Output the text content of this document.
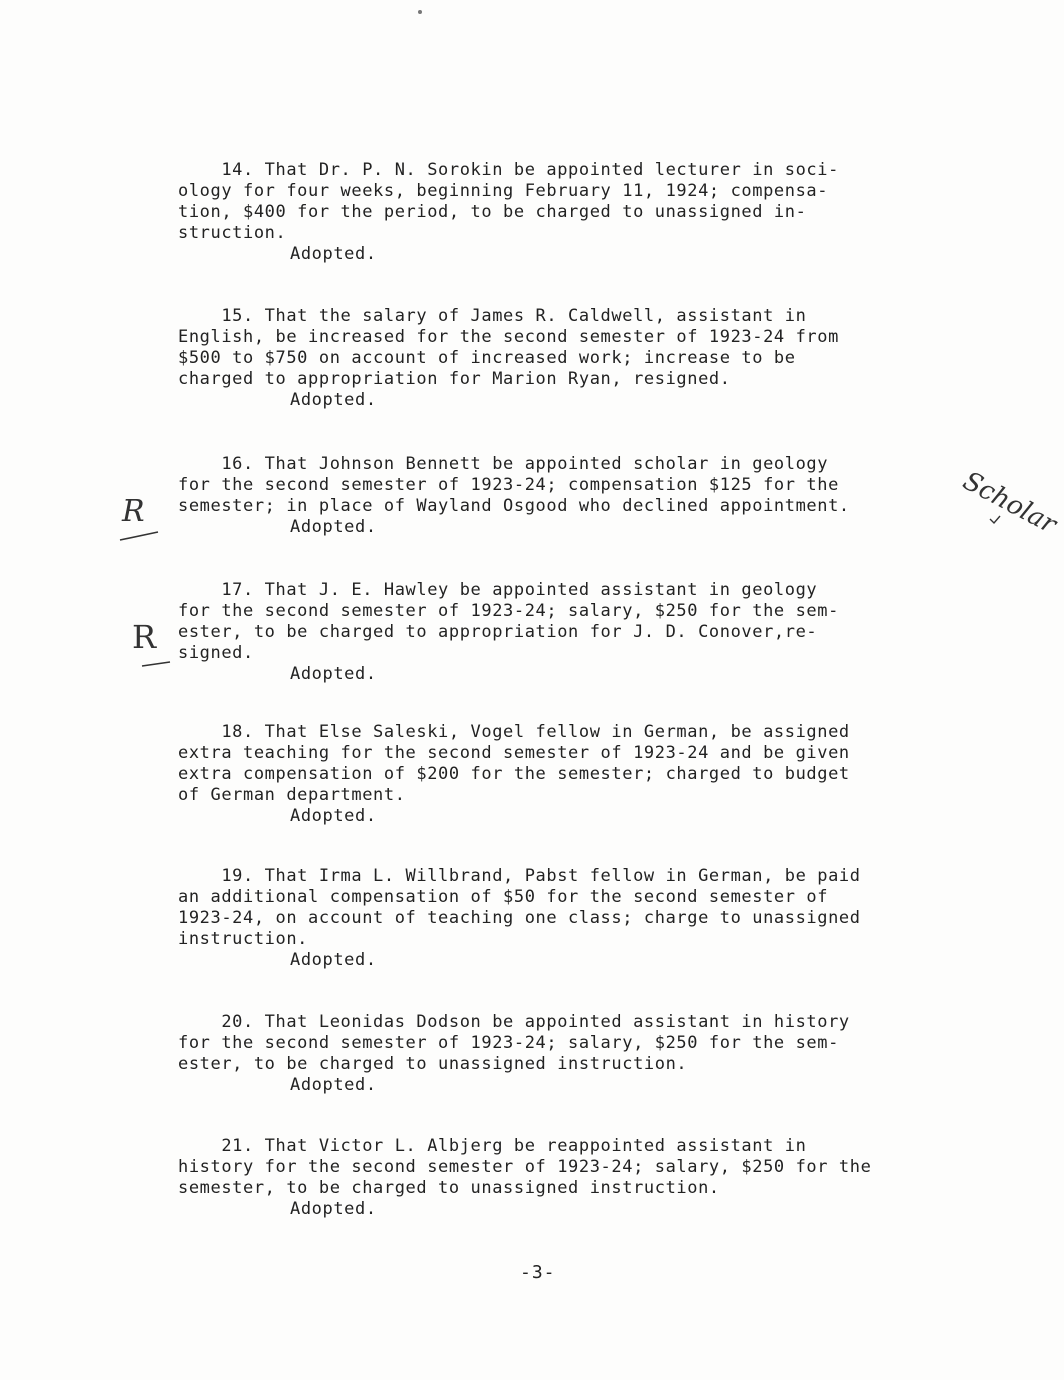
14. That Dr. P. N. Sorokin be appointed lecturer in soci-
ology for four weeks, beginning February 11, 1924; compensa-
tion, $400 for the period, to be charged to unassigned in-
struction.
Adopted.
15. That the salary of James R. Caldwell, assistant in
English, be increased for the second semester of 1923-24 from
$500 to $750 on account of increased work; increase to be
charged to appropriation for Marion Ryan, resigned.
Adopted.
16. That Johnson Bennett be appointed scholar in geology
for the second semester of 1923-24; compensation $125 for the
semester; in place of Wayland Osgood who declined appointment.
Adopted.
17. That J. E. Hawley be appointed assistant in geology
for the second semester of 1923-24; salary, $250 for the sem-
ester, to be charged to appropriation for J. D. Conover,re-
signed.
Adopted.
18. That Else Saleski, Vogel fellow in German, be assigned
extra teaching for the second semester of 1923-24 and be given
extra compensation of $200 for the semester; charged to budget
of German department.
Adopted.
19. That Irma L. Willbrand, Pabst fellow in German, be paid
an additional compensation of $50 for the second semester of
1923-24, on account of teaching one class; charge to unassigned
instruction.
Adopted.
20. That Leonidas Dodson be appointed assistant in history
for the second semester of 1923-24; salary, $250 for the sem-
ester, to be charged to unassigned instruction.
Adopted.
21. That Victor L. Albjerg be reappointed assistant in
history for the second semester of 1923-24; salary, $250 for the
semester, to be charged to unassigned instruction.
Adopted.
-3-
Scholar
R
R
